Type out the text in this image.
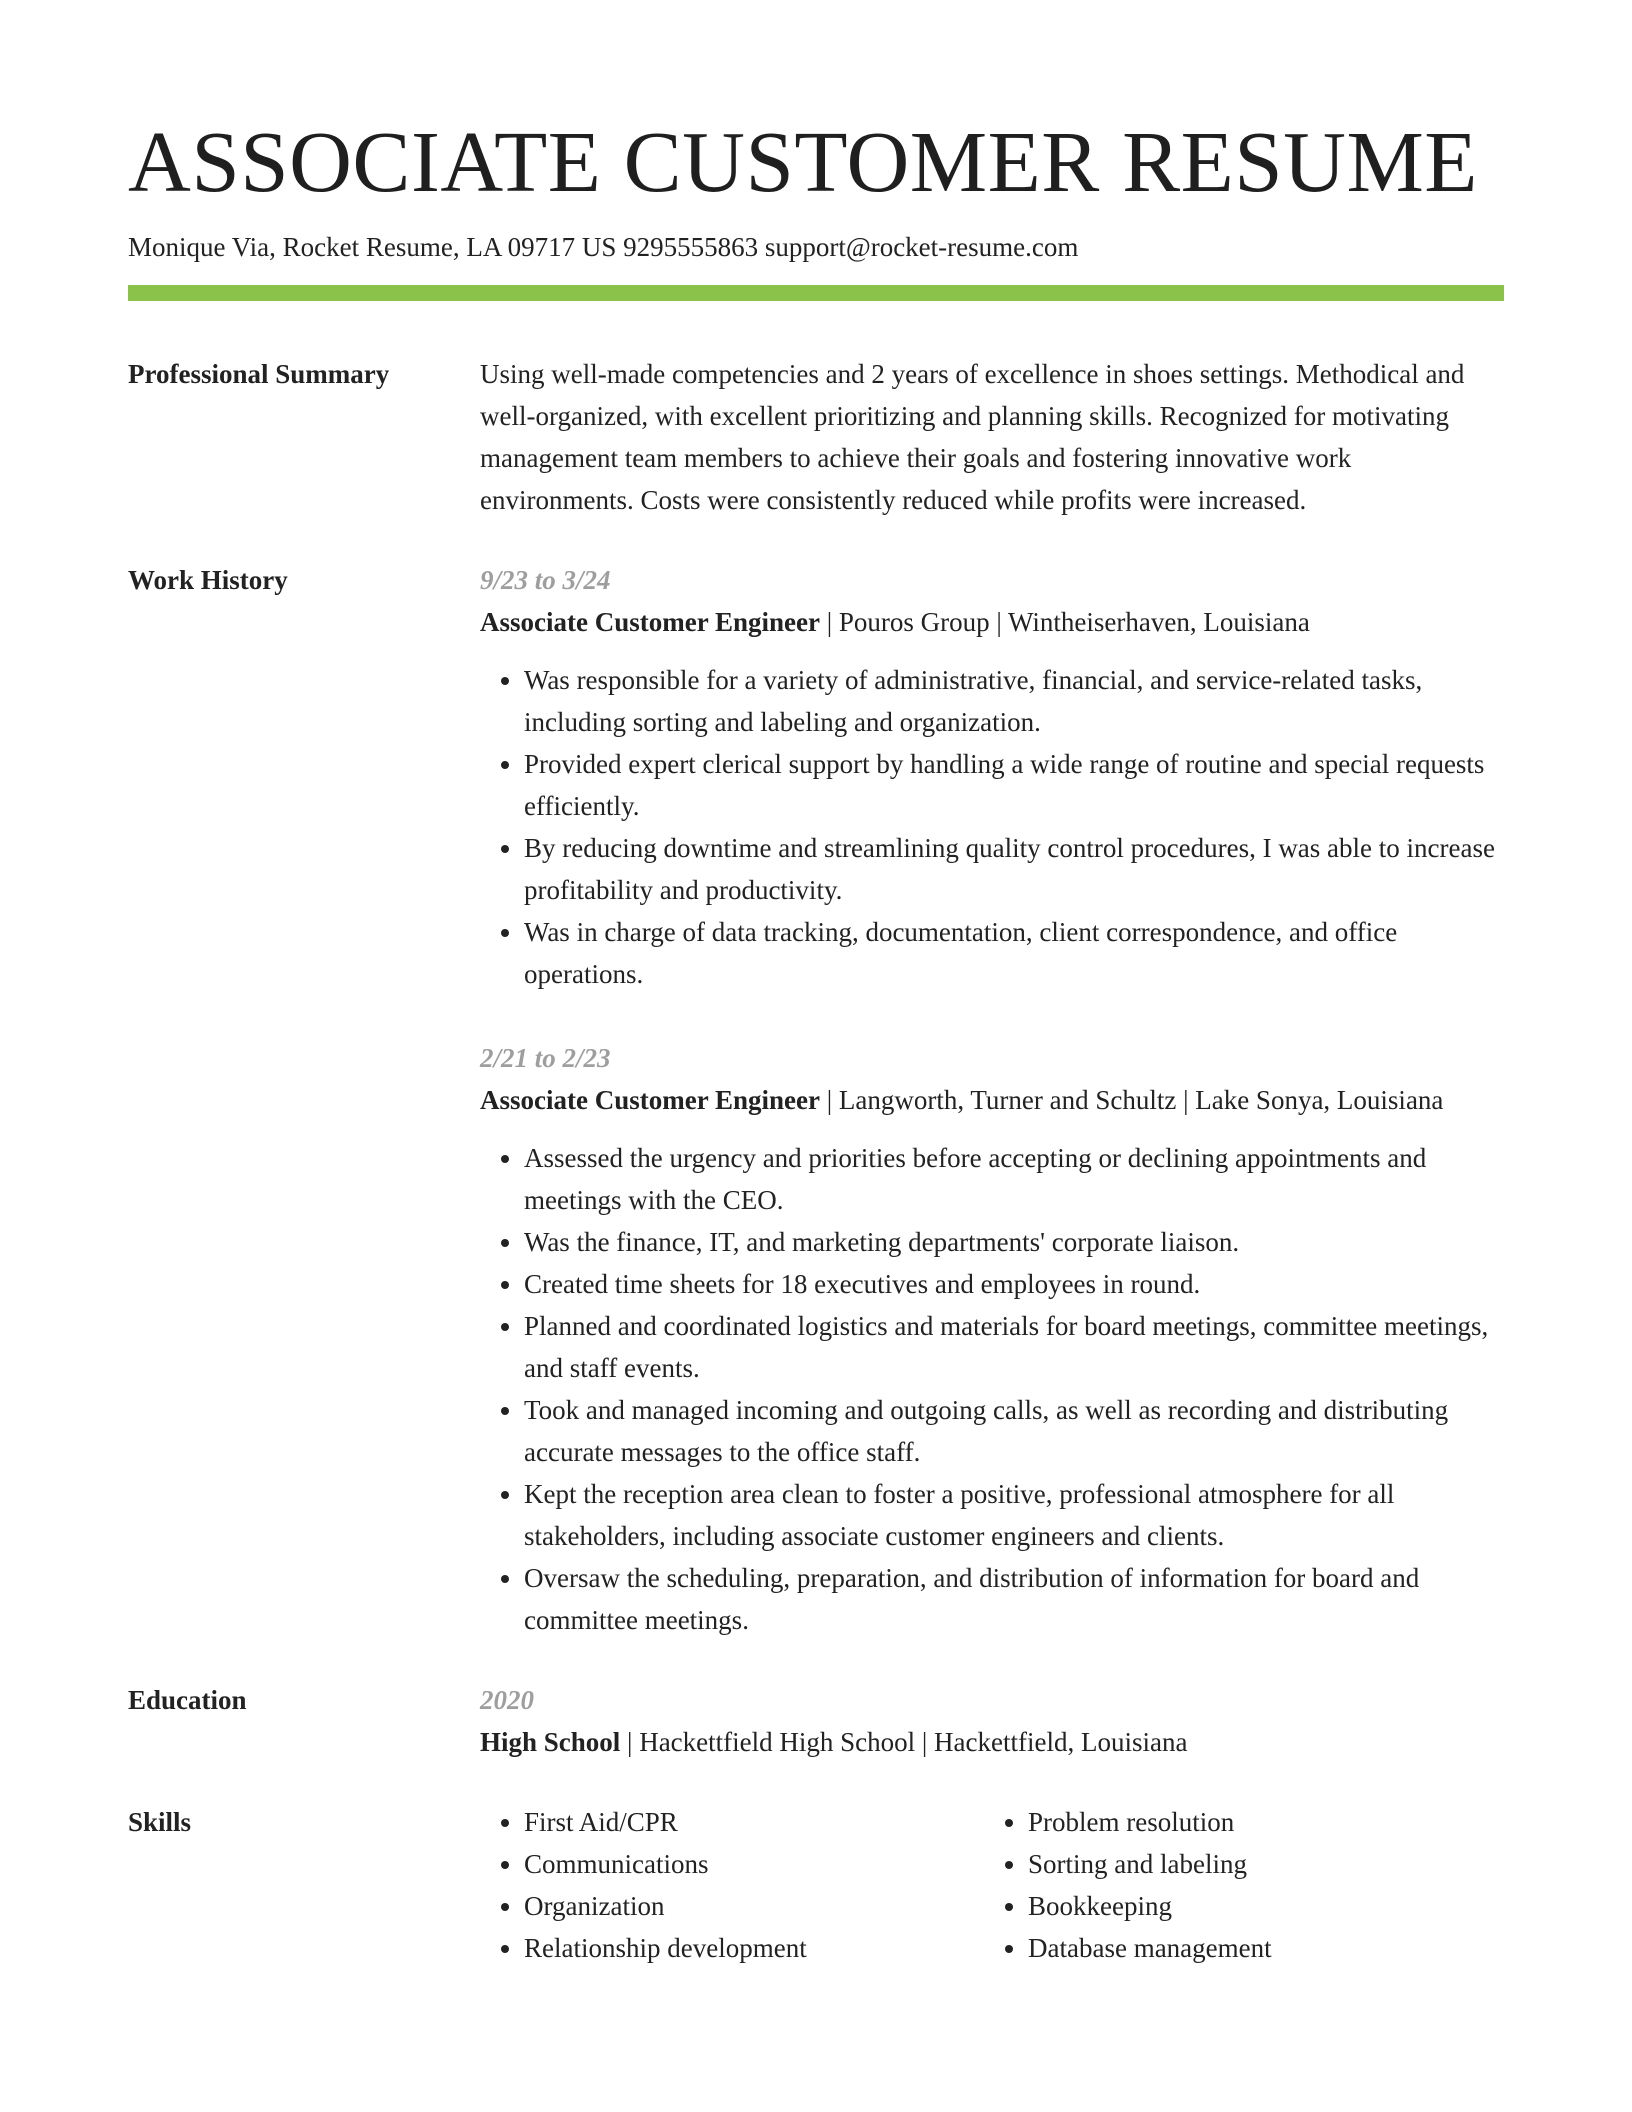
ASSOCIATE CUSTOMER RESUME
Monique Via, Rocket Resume, LA 09717 US 9295555863 support@rocket-resume.com
Professional Summary	Using well-made competencies and 2 years of excellence in shoes settings. Methodical and well-organized, with excellent prioritizing and planning skills. Recognized for motivating management team members to achieve their goals and fostering innovative work environments. Costs were consistently reduced while profits were increased.
Work History	9/23 to 3/24
Associate Customer Engineer | Pouros Group | Wintheiserhaven, Louisiana
• Was responsible for a variety of administrative, financial, and service-related tasks, including sorting and labeling and organization.
• Provided expert clerical support by handling a wide range of routine and special requests efficiently.
• By reducing downtime and streamlining quality control procedures, I was able to increase profitability and productivity.
• Was in charge of data tracking, documentation, client correspondence, and office operations.
2/21 to 2/23
Associate Customer Engineer | Langworth, Turner and Schultz | Lake Sonya, Louisiana
• Assessed the urgency and priorities before accepting or declining appointments and meetings with the CEO.
• Was the finance, IT, and marketing departments' corporate liaison.
• Created time sheets for 18 executives and employees in round.
• Planned and coordinated logistics and materials for board meetings, committee meetings, and staff events.
• Took and managed incoming and outgoing calls, as well as recording and distributing accurate messages to the office staff.
• Kept the reception area clean to foster a positive, professional atmosphere for all stakeholders, including associate customer engineers and clients.
• Oversaw the scheduling, preparation, and distribution of information for board and committee meetings.
Education	2020
High School | Hackettfield High School | Hackettfield, Louisiana
Skills
•	First Aid/CPR
• Communications
• Organization
• Relationship development
• Problem resolution
• Sorting and labeling
• Bookkeeping
• Database management
